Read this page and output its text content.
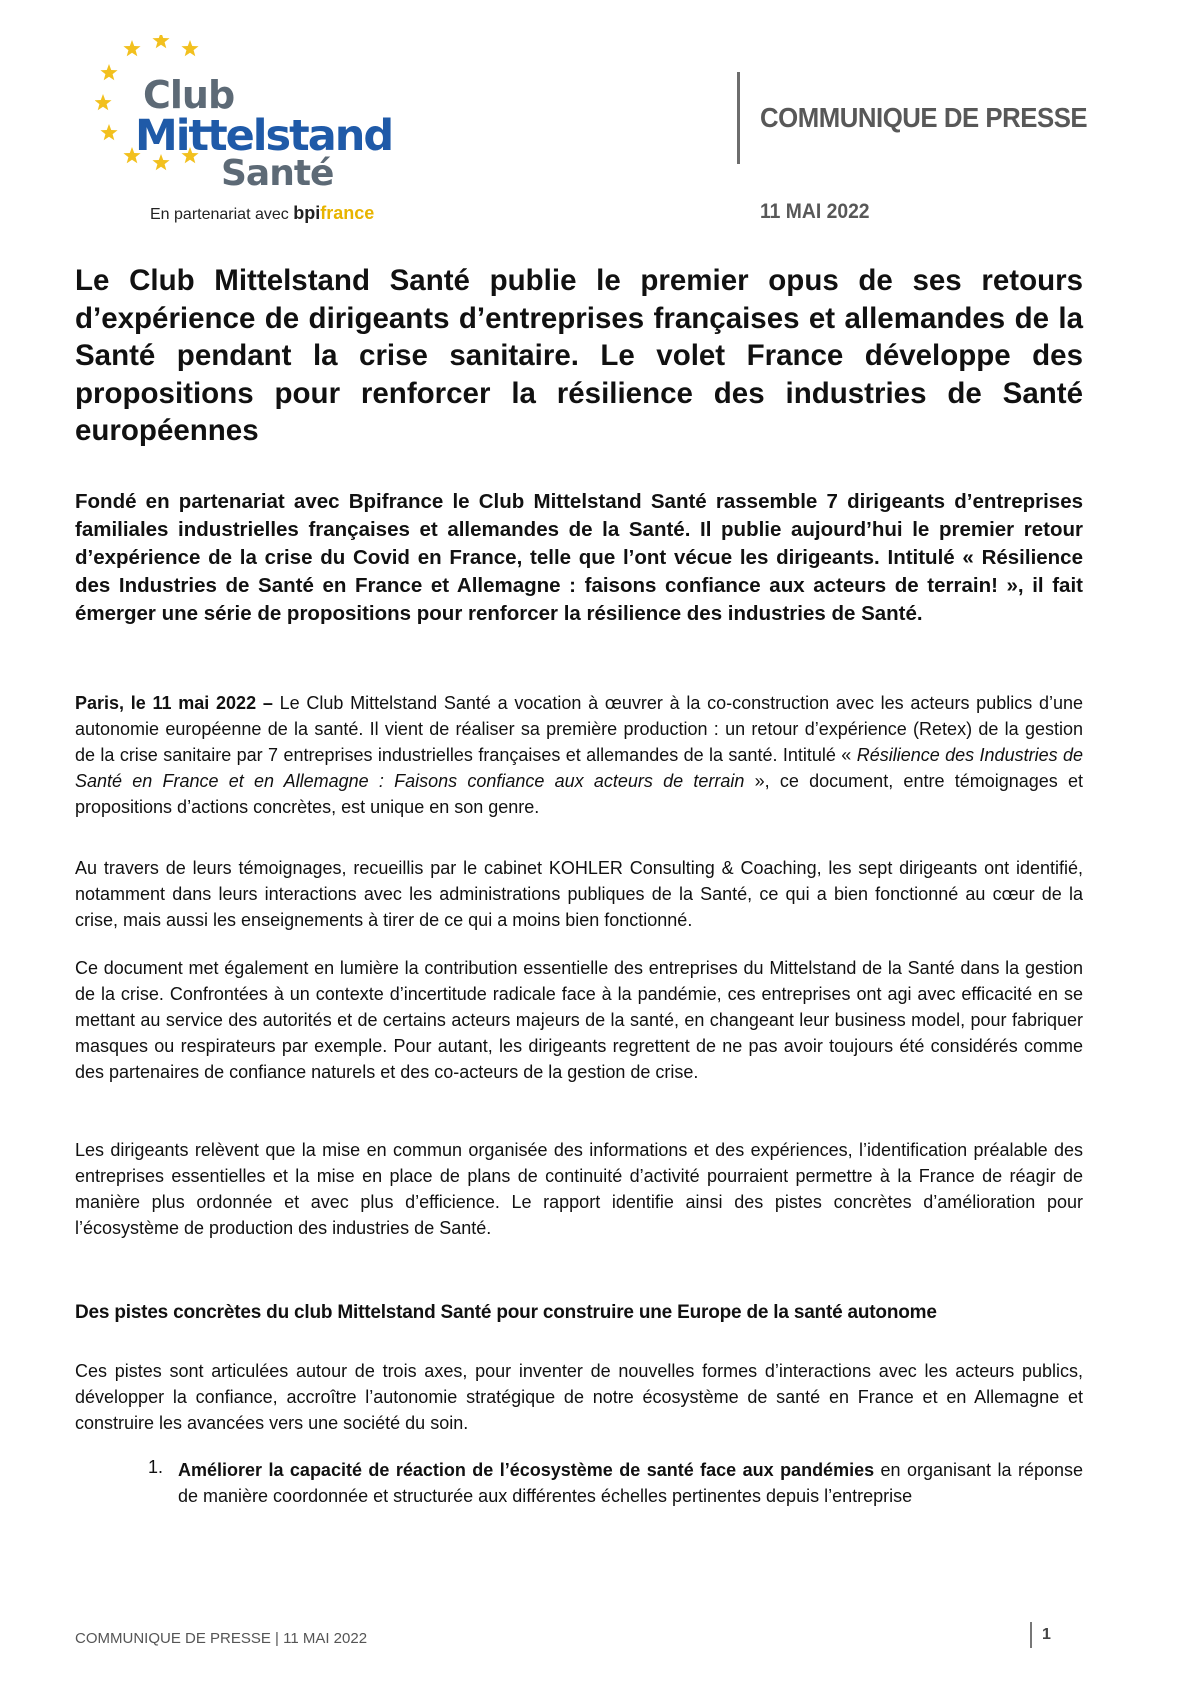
Club
Mittelstand
Santé
En partenariat avec bpifrance
COMMUNIQUE DE PRESSE
11 MAI 2022
Le Club Mittelstand Santé publie le premier opus de ses retours d’expérience de dirigeants d’entreprises françaises et allemandes de la Santé pendant la crise sanitaire. Le volet France développe des propositions pour renforcer la résilience des industries de Santé européennes
Fondé en partenariat avec Bpifrance le Club Mittelstand Santé rassemble 7 dirigeants d’entreprises familiales industrielles françaises et allemandes de la Santé. Il publie aujourd’hui le premier retour d’expérience de la crise du Covid en France, telle que l’ont vécue les dirigeants. Intitulé « Résilience des Industries de Santé en France et Allemagne : faisons confiance aux acteurs de terrain! », il fait émerger une série de propositions pour renforcer la résilience des industries de Santé.
Paris, le 11 mai 2022 – Le Club Mittelstand Santé a vocation à œuvrer à la co-construction avec les acteurs publics d’une autonomie européenne de la santé. Il vient de réaliser sa première production : un retour d’expérience (Retex) de la gestion de la crise sanitaire par 7 entreprises industrielles françaises et allemandes de la santé. Intitulé « Résilience des Industries de Santé en France et en Allemagne : Faisons confiance aux acteurs de terrain », ce document, entre témoignages et propositions d’actions concrètes, est unique en son genre.
Au travers de leurs témoignages, recueillis par le cabinet KOHLER Consulting & Coaching, les sept dirigeants ont identifié, notamment dans leurs interactions avec les administrations publiques de la Santé, ce qui a bien fonctionné au cœur de la crise, mais aussi les enseignements à tirer de ce qui a moins bien fonctionné.
Ce document met également en lumière la contribution essentielle des entreprises du Mittelstand de la Santé dans la gestion de la crise. Confrontées à un contexte d’incertitude radicale face à la pandémie, ces entreprises ont agi avec efficacité en se mettant au service des autorités et de certains acteurs majeurs de la santé, en changeant leur business model, pour fabriquer masques ou respirateurs par exemple. Pour autant, les dirigeants regrettent de ne pas avoir toujours été considérés comme des partenaires de confiance naturels et des co-acteurs de la gestion de crise.
Les dirigeants relèvent que la mise en commun organisée des informations et des expériences, l’identification préalable des entreprises essentielles et la mise en place de plans de continuité d’activité pourraient permettre à la France de réagir de manière plus ordonnée et avec plus d’efficience. Le rapport identifie ainsi des pistes concrètes d’amélioration pour l’écosystème de production des industries de Santé.
Des pistes concrètes du club Mittelstand Santé pour construire une Europe de la santé autonome
Ces pistes sont articulées autour de trois axes, pour inventer de nouvelles formes d’interactions avec les acteurs publics, développer la confiance, accroître l’autonomie stratégique de notre écosystème de santé en France et en Allemagne et construire les avancées vers une société du soin.
1. Améliorer la capacité de réaction de l’écosystème de santé face aux pandémies en organisant la réponse de manière coordonnée et structurée aux différentes échelles pertinentes depuis l’entreprise
COMMUNIQUE DE PRESSE | 11 MAI 2022	1
